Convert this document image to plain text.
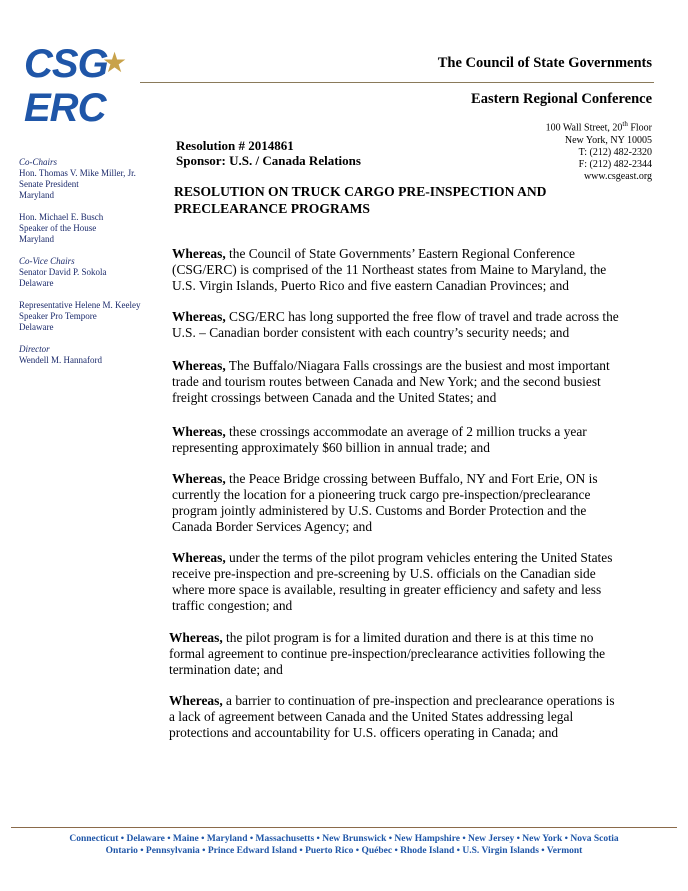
CSG
★
ERC
The Council of State Governments
Eastern Regional Conference
100 Wall Street, 20th Floor
New York, NY 10005
T: (212) 482-2320
F: (212) 482-2344
www.csgeast.org
Resolution # 2014861
Sponsor: U.S. / Canada Relations
Co-Chairs
Hon. Thomas V. Mike Miller, Jr.
Senate President
Maryland
Hon. Michael E. Busch
Speaker of the House
Maryland
Co-Vice Chairs
Senator David P. Sokola
Delaware
Representative Helene M. Keeley
Speaker Pro Tempore
Delaware
Director
Wendell M. Hannaford
RESOLUTION ON TRUCK CARGO PRE-INSPECTION AND
PRECLEARANCE PROGRAMS
Whereas, the Council of State Governments’ Eastern Regional Conference
(CSG/ERC) is comprised of the 11 Northeast states from Maine to Maryland, the
U.S. Virgin Islands, Puerto Rico and five eastern Canadian Provinces; and
Whereas, CSG/ERC has long supported the free flow of travel and trade across the
U.S. – Canadian border consistent with each country’s security needs; and
Whereas, The Buffalo/Niagara Falls crossings are the busiest and most important
trade and tourism routes between Canada and New York; and the second busiest
freight crossings between Canada and the United States; and
Whereas, these crossings accommodate an average of 2 million trucks a year
representing approximately $60 billion in annual trade; and
Whereas, the Peace Bridge crossing between Buffalo, NY and Fort Erie, ON is
currently the location for a pioneering truck cargo pre-inspection/preclearance
program jointly administered by U.S. Customs and Border Protection and the
Canada Border Services Agency; and
Whereas, under the terms of the pilot program vehicles entering the United States
receive pre-inspection and pre-screening by U.S. officials on the Canadian side
where more space is available, resulting in greater efficiency and safety and less
traffic congestion; and
Whereas, the pilot program is for a limited duration and there is at this time no
formal agreement to continue pre-inspection/preclearance activities following the
termination date; and
Whereas, a barrier to continuation of pre-inspection and preclearance operations is
a lack of agreement between Canada and the United States addressing legal
protections and accountability for U.S. officers operating in Canada; and
Connecticut • Delaware • Maine • Maryland • Massachusetts • New Brunswick • New Hampshire • New Jersey • New York • Nova Scotia
Ontario • Pennsylvania • Prince Edward Island • Puerto Rico • Québec • Rhode Island • U.S. Virgin Islands • Vermont
